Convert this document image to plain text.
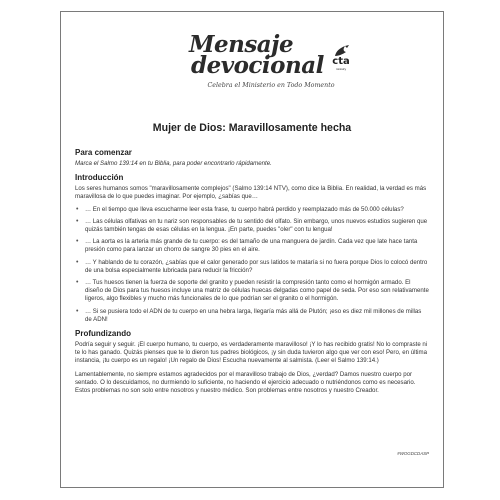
Mensaje
devocional cta
ministry
Celebra el Ministerio en Todo Momento
Mujer de Dios: Maravillosamente hecha
Para comenzar

Marca el Salmo 139:14 en tu Biblia, para poder encontrarlo rápidamente.

Introducción

Los seres humanos somos "maravillosamente complejos" (Salmo 139:14 NTV), como dice la Biblia. En realidad, la verdad es más maravillosa de lo que puedes imaginar. Por ejemplo, ¿sabías que…

• … En el tiempo que lleva escucharme leer esta frase, tu cuerpo habrá perdido y reemplazado más de 50.000 células?
• … Las células olfativas en tu nariz son responsables de tu sentido del olfato. Sin embargo, unos nuevos estudios sugieren que quizás también tengas de esas células en la lengua. ¡En parte, puedes "oler" con tu lengua!
• … La aorta es la arteria más grande de tu cuerpo: es del tamaño de una manguera de jardín. Cada vez que late hace tanta presión como para lanzar un chorro de sangre 30 pies en el aire.
• … Y hablando de tu corazón, ¿sabías que el calor generado por sus latidos te mataría si no fuera porque Dios lo colocó dentro de una bolsa especialmente lubricada para reducir la fricción?
• … Tus huesos tienen la fuerza de soporte del granito y pueden resistir la compresión tanto como el hormigón armado. El diseño de Dios para tus huesos incluye una matriz de células huecas delgadas como papel de seda. Por eso son relativamente ligeros, algo flexibles y mucho más funcionales de lo que podrían ser el granito o el hormigón.
• … Si se pusiera todo el ADN de tu cuerpo en una hebra larga, llegaría más allá de Plutón; ¡eso es diez mil millones de millas de ADN!
Profundizando

Podría seguir y seguir. ¡El cuerpo humano, tu cuerpo, es verdaderamente maravilloso! ¡Y lo has recibido gratis! No lo compraste ni te lo has ganado. Quizás pienses que te lo dieron tus padres biológicos, ¡y sin duda tuvieron algo que ver con eso! Pero, en última instancia, ¡tu cuerpo es un regalo! ¡Un regalo de Dios! Escucha nuevamente al salmista. (Leer el Salmo 139:14.)

Lamentablemente, no siempre estamos agradecidos por el maravilloso trabajo de Dios, ¿verdad? Damos nuestro cuerpo por sentado. O lo descuidamos, no durmiendo lo suficiente, no haciendo el ejercicio adecuado o nutriéndonos como es necesario. Estos problemas no son solo entre nosotros y nuestro médico. Son problemas entre nosotros y nuestro Creador.

#WOGDCDASP
